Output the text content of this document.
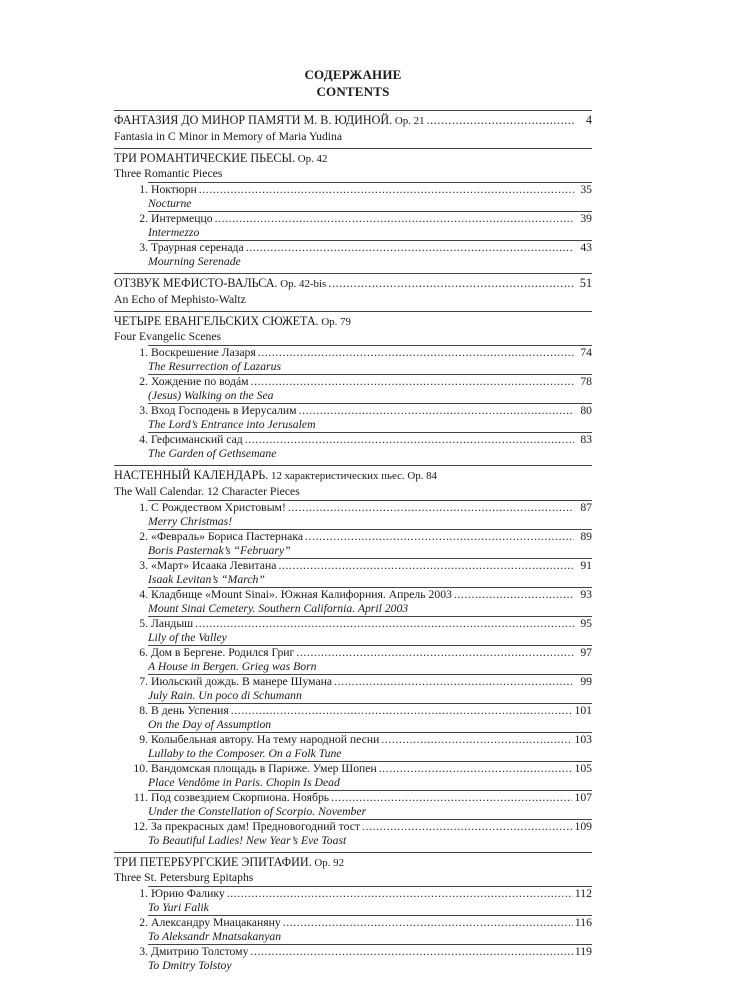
СОДЕРЖАНИЕ
CONTENTS
ФАНТАЗИЯ ДО МИНОР ПАМЯТИ М. В. ЮДИНОЙ. Op. 21 .....	4
Fantasia in C Minor in Memory of Maria Yudina
ТРИ РОМАНТИЧЕСКИЕ ПЬЕСЫ. Op. 42
Three Romantic Pieces
1. Ноктюрн .....	35
Nocturne
2. Интермеццо .....	39
Intermezzo
3. Траурная серенада .....	43
Mourning Serenade
ОТЗВУК МЕФИСТО-ВАЛЬСА. Op. 42-bis .....	51
An Echo of Mephisto-Waltz
ЧЕТЫРЕ ЕВАНГЕЛЬСКИХ СЮЖЕТА. Op. 79
Four Evangelic Scenes
1. Воскрешение Лазаря .....	74
The Resurrection of Lazarus
2. Хождение по водáм .....	78
(Jesus) Walking on the Sea
3. Вход Господень в Иерусалим .....	80
The Lord’s Entrance into Jerusalem
4. Гефсиманский сад .....	83
The Garden of Gethsemane
НАСТЕННЫЙ КАЛЕНДАРЬ. 12 характеристических пьес. Op. 84
The Wall Calendar. 12 Character Pieces
1. С Рождеством Христовым! .....	87
Merry Christmas!
2. «Февраль» Бориса Пастернака .....	89
Boris Pasternak’s “February”
3. «Март» Исаака Левитана .....	91
Isaak Levitan’s “March”
4. Кладбище «Mount Sinai». Южная Калифорния. Апрель 2003 .....	93
Mount Sinai Cemetery. Southern California. April 2003
5. Ландыш .....	95
Lily of the Valley
6. Дом в Бергене. Родился Григ .....	97
A House in Bergen. Grieg was Born
7. Июльский дождь. В манере Шумана .....	99
July Rain. Un poco di Schumann
8. В день Успения .....	101
On the Day of Assumption
9. Колыбельная автору. На тему народной песни .....	103
Lullaby to the Composer. On a Folk Tune
10. Вандомская площадь в Париже. Умер Шопен .....	105
Place Vendôme in Paris. Chopin Is Dead
11. Под созвездием Скорпиона. Ноябрь .....	107
Under the Constellation of Scorpio. November
12. За прекрасных дам! Предновогодний тост .....	109
To Beautiful Ladies! New Year’s Eve Toast
ТРИ ПЕТЕРБУРГСКИЕ ЭПИТАФИИ. Op. 92
Three St. Petersburg Epitaphs
1. Юрию Фалику .....	112
To Yuri Falik
2. Александру Мнацаканяну .....	116
To Aleksandr Mnatsakanyan
3. Дмитрию Толстому .....	119
To Dmitry Tolstoy
